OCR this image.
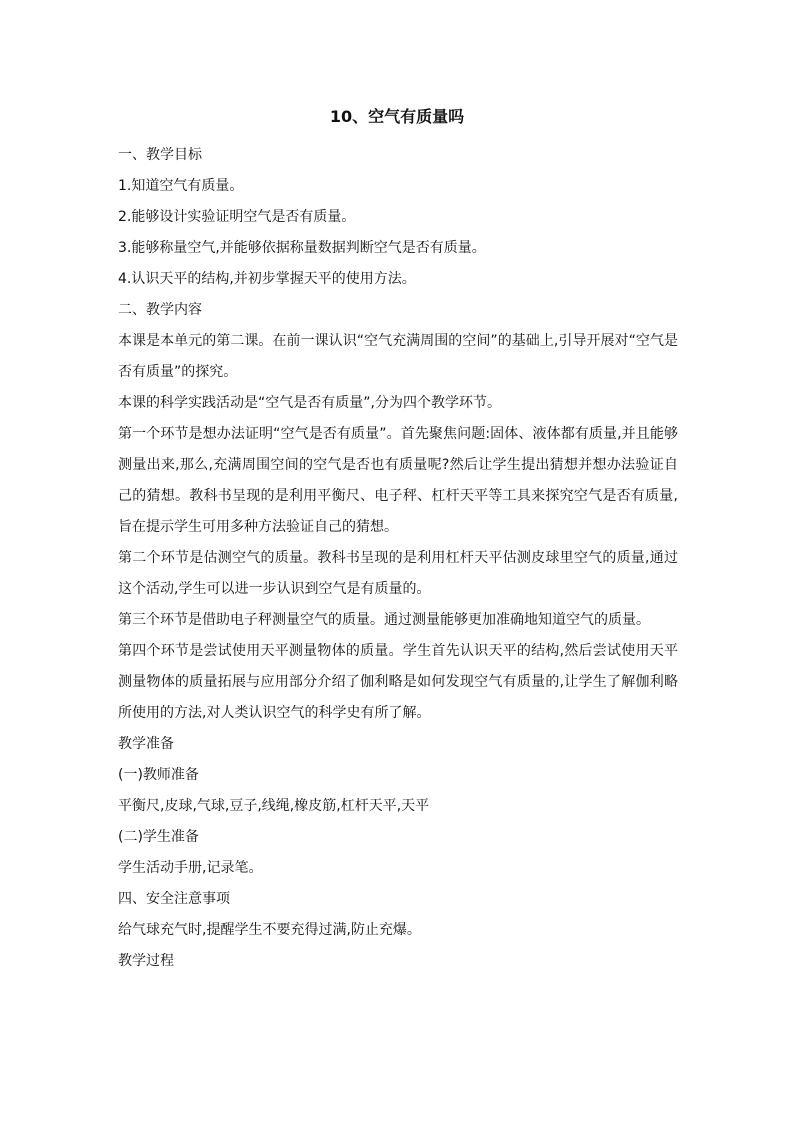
10、空气有质量吗

一、教学目标

1.知道空气有质量。

2.能够设计实验证明空气是否有质量。

3.能够称量空气,并能够依据称量数据判断空气是否有质量。

4.认识天平的结构,并初步掌握天平的使用方法。

二、教学内容

本课是本单元的第二课。在前一课认识“空气充满周围的空间”的基础上,引导开展对“空气是否有质量”的探究。

本课的科学实践活动是“空气是否有质量”,分为四个教学环节。

第一个环节是想办法证明“空气是否有质量”。首先聚焦问题:固体、液体都有质量,并且能够测量出来,那么,充满周围空间的空气是否也有质量呢?然后让学生提出猜想并想办法验证自己的猜想。教科书呈现的是利用平衡尺、电子秤、杠杆天平等工具来探究空气是否有质量,旨在提示学生可用多种方法验证自己的猜想。

第二个环节是估测空气的质量。教科书呈现的是利用杠杆天平估测皮球里空气的质量,通过这个活动,学生可以进一步认识到空气是有质量的。

第三个环节是借助电子秤测量空气的质量。通过测量能够更加准确地知道空气的质量。

第四个环节是尝试使用天平测量物体的质量。学生首先认识天平的结构,然后尝试使用天平测量物体的质量拓展与应用部分介绍了伽利略是如何发现空气有质量的,让学生了解伽利略所使用的方法,对人类认识空气的科学史有所了解。

教学准备

(一)教师准备

平衡尺,皮球,气球,豆子,线绳,橡皮筋,杠杆天平,天平

(二)学生准备

学生活动手册,记录笔。

四、安全注意事项

给气球充气时,提醒学生不要充得过满,防止充爆。

教学过程
